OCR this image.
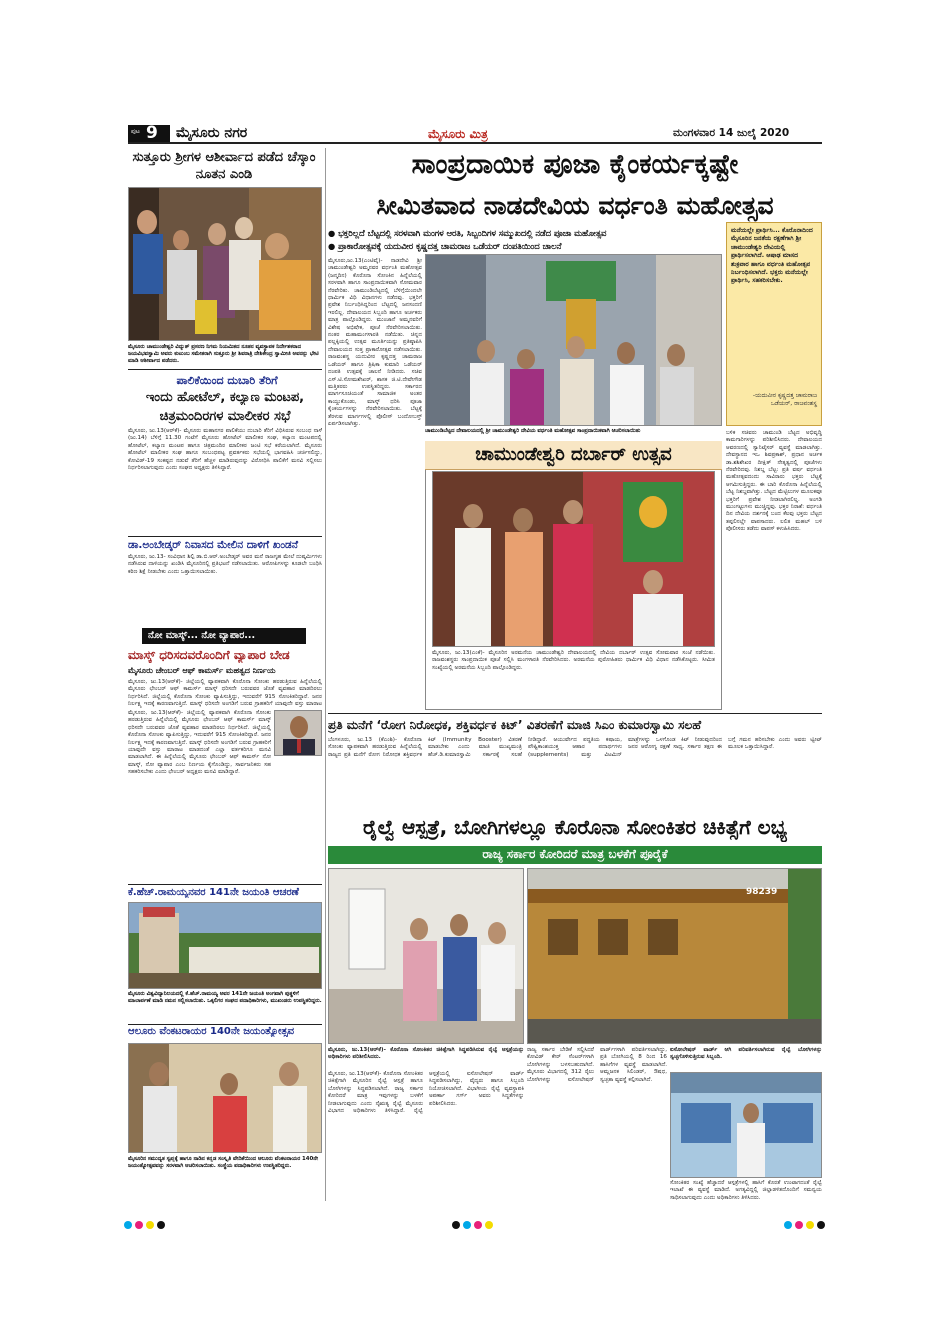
ಪುಟ 9 ಮೈಸೂರು ನಗರ	ಮೈಸೂರು ಮಿತ್ರ	ಮಂಗಳವಾರ 14 ಜುಲೈ 2020
ಸುತ್ತೂರು ಶ್ರೀಗಳ ಆಶೀರ್ವಾದ ಪಡೆದ ಚೆಸ್ಕಾಂ ನೂತನ ಎಂಡಿ
ಮೈಸೂರು ಚಾಮುಂಡೇಶ್ವರಿ ವಿದ್ಯುತ್ ಪ್ರಸರಣ ನಿಗಮ ನಿಯಮಿತದ ನೂತನ ವ್ಯವಸ್ಥಾಪಕ ನಿರ್ದೇಶಕರಾದ ಜಯವಿಭವಸ್ವಾಮಿ ಅವರು ಕುಟುಂಬ ಸಮೇತರಾಗಿ ಸುತ್ತೂರು ಶ್ರೀ ಶಿವರಾತ್ರಿ ದೇಶಿಕೇಂದ್ರ ಸ್ವಾಮೀಜಿ ಅವರನ್ನು ಭೇಟಿ ಮಾಡಿ ಆಶೀರ್ವಾದ ಪಡೆದರು.
ಪಾಲಿಕೆಯಿಂದ ದುಬಾರಿ ತೆರಿಗೆ
ಇಂದು ಹೋಟೆಲ್, ಕಲ್ಯಾಣ ಮಂಟಪ,
ಚಿತ್ರಮಂದಿರಗಳ ಮಾಲೀಕರ ಸಭೆ
ಮೈಸೂರು, ಜು.13(ಆರ್‌ಕೆ)- ಮೈಸೂರು ಮಹಾನಗರ ಪಾಲಿಕೆಯು ದುಬಾರಿ ತೆರಿಗೆ ವಿಧಿಸಿರುವ ಸಂಬಂಧ ನಾಳೆ (ಜು.14) ಬೆಳಿಗ್ಗೆ 11.30 ಗಂಟೆಗೆ ಮೈಸೂರು ಹೋಟೆಲ್ ಮಾಲೀಕರ ಸಂಘ, ಕಲ್ಯಾಣ ಮಂಟಪದಲ್ಲಿ ಹೋಟೆಲ್, ಕಲ್ಯಾಣ ಮಂಟಪ ಹಾಗೂ ಚಿತ್ರಮಂದಿರ ಮಾಲೀಕರ ಜಂಟಿ ಸಭೆ ಕರೆಯಲಾಗಿದೆ. ಮೈಸೂರು ಹೋಟೆಲ್ ಮಾಲೀಕರ ಸಂಘ ಹಾಗೂ ಸಂಬಂಧಪಟ್ಟ ಪ್ರವರ್ತಕರು ಸಭೆಯಲ್ಲಿ ಭಾಗವಹಿಸಿ ಚರ್ಚಿಸಲಿದ್ದು, ಕೋವಿಡ್-19 ಸಂಕಷ್ಟದ ನಡುವೆ ತೆರಿಗೆ ಹೆಚ್ಚಳ ಮಾಡಿರುವುದನ್ನು ವಿರೋಧಿಸಿ ಪಾಲಿಕೆಗೆ ಮನವಿ ಸಲ್ಲಿಸಲು ನಿರ್ಧರಿಸಲಾಗುವುದು ಎಂದು ಸಂಘದ ಅಧ್ಯಕ್ಷರು ತಿಳಿಸಿದ್ದಾರೆ.
ಡಾ.ಅಂಬೇಡ್ಕರ್ ನಿವಾಸದ ಮೇಲಿನ ದಾಳಿಗೆ ಖಂಡನೆ
ಮೈಸೂರು, ಜು.13- ಸಂವಿಧಾನ ಶಿಲ್ಪಿ ಡಾ.ಬಿ.ಆರ್.ಅಂಬೇಡ್ಕರ್ ಅವರ ಮನೆ ರಾಜಗೃಹ ಮೇಲೆ ದುಷ್ಕರ್ಮಿಗಳು ನಡೆಸಿರುವ ದಾಳಿಯನ್ನು ಖಂಡಿಸಿ ಮೈಸೂರಿನಲ್ಲಿ ಪ್ರತಿಭಟನೆ ನಡೆಸಲಾಯಿತು. ಆರೋಪಿಗಳನ್ನು ಕೂಡಲೇ ಬಂಧಿಸಿ ಕಠಿಣ ಶಿಕ್ಷೆ ನೀಡಬೇಕು ಎಂದು ಒತ್ತಾಯಿಸಲಾಯಿತು.
ನೋ ಮಾಸ್ಕ್... ನೋ ವ್ಯಾಪಾರ...
ಮಾಸ್ಕ್ ಧರಿಸದವರೊಂದಿಗೆ ವ್ಯಾಪಾರ ಬೇಡ
ಮೈಸೂರು ಚೇಂಬರ್ ಆಫ್ ಕಾಮರ್ಸ್ ಮಹತ್ವದ ನಿರ್ಣಯ
ಮೈಸೂರು, ಜು.13(ಆರ್‌ಕೆ)- ಜಿಲ್ಲೆಯಲ್ಲಿ ವ್ಯಾಪಕವಾಗಿ ಕೊರೊನಾ ಸೋಂಕು ಹರಡುತ್ತಿರುವ ಹಿನ್ನೆಲೆಯಲ್ಲಿ ಮೈಸೂರು ಛೇಂಬರ್ ಆಫ್ ಕಾಮರ್ಸ್ ಮಾಸ್ಕ್ ಧರಿಸದೇ ಬರುವವರ ಜೊತೆ ವ್ಯವಹಾರ ಮಾಡದಿರಲು ನಿರ್ಧರಿಸಿದೆ. ಜಿಲ್ಲೆಯಲ್ಲಿ ಕೊರೊನಾ ಸೋಂಕು ವ್ಯಾಪಿಸುತ್ತಿದ್ದು, ಇದುವರೆಗೆ 915 ಸೋಂಕಿತರಿದ್ದಾರೆ. ಜನರ ನಿರ್ಲಕ್ಷ್ಯ ಇದಕ್ಕೆ ಕಾರಣವಾಗುತ್ತಿದೆ. ಮಾಸ್ಕ್ ಧರಿಸದೇ ಅಂಗಡಿಗೆ ಬರುವ ಗ್ರಾಹಕರಿಗೆ ಯಾವುದೇ ವಸ್ತು ಮಾರಾಟ
ಮೈಸೂರು, ಜು.13(ಆರ್‌ಕೆ)- ಜಿಲ್ಲೆಯಲ್ಲಿ ವ್ಯಾಪಕವಾಗಿ ಕೊರೊನಾ ಸೋಂಕು ಹರಡುತ್ತಿರುವ ಹಿನ್ನೆಲೆಯಲ್ಲಿ ಮೈಸೂರು ಛೇಂಬರ್ ಆಫ್ ಕಾಮರ್ಸ್ ಮಾಸ್ಕ್ ಧರಿಸದೇ ಬರುವವರ ಜೊತೆ ವ್ಯವಹಾರ ಮಾಡದಿರಲು ನಿರ್ಧರಿಸಿದೆ. ಜಿಲ್ಲೆಯಲ್ಲಿ ಕೊರೊನಾ ಸೋಂಕು ವ್ಯಾಪಿಸುತ್ತಿದ್ದು, ಇದುವರೆಗೆ 915 ಸೋಂಕಿತರಿದ್ದಾರೆ. ಜನರ ನಿರ್ಲಕ್ಷ್ಯ ಇದಕ್ಕೆ ಕಾರಣವಾಗುತ್ತಿದೆ. ಮಾಸ್ಕ್ ಧರಿಸದೇ ಅಂಗಡಿಗೆ ಬರುವ ಗ್ರಾಹಕರಿಗೆ ಯಾವುದೇ ವಸ್ತು ಮಾರಾಟ ಮಾಡದಂತೆ ಎಲ್ಲಾ ವರ್ತಕರಿಗೂ ಮನವಿ ಮಾಡಲಾಗಿದೆ. ಈ ಹಿನ್ನೆಲೆಯಲ್ಲಿ ಮೈಸೂರು ಛೇಂಬರ್ ಆಫ್ ಕಾಮರ್ಸ್ ನೋ ಮಾಸ್ಕ್, ನೋ ವ್ಯಾಪಾರ ಎಂಬ ನಿರ್ಣಯ ಕೈಗೊಂಡಿದ್ದು, ಸಾರ್ವಜನಿಕರು ಸಹ ಸಹಕರಿಸಬೇಕು ಎಂದು ಛೇಂಬರ್ ಅಧ್ಯಕ್ಷರು ಮನವಿ ಮಾಡಿದ್ದಾರೆ.
ಕೆ.ಹೆಚ್.ರಾಮಯ್ಯನವರ 141ನೇ ಜಯಂತಿ ಆಚರಣೆ
ಮೈಸೂರು ವಿಶ್ವವಿದ್ಯಾನಿಲಯದಲ್ಲಿ ಕೆ.ಹೆಚ್.ರಾಮಯ್ಯ ಅವರ 141ನೇ ಜಯಂತಿ ಅಂಗವಾಗಿ ಪುತ್ಥಳಿಗೆ ಮಾಲಾರ್ಪಣೆ ಮಾಡಿ ನಮನ ಸಲ್ಲಿಸಲಾಯಿತು. ಒಕ್ಕಲಿಗರ ಸಂಘದ ಪದಾಧಿಕಾರಿಗಳು, ಮುಖಂಡರು ಉಪಸ್ಥಿತರಿದ್ದರು.
ಆಲೂರು ವೆಂಕಟರಾಯರ 140ನೇ ಜಯಂತ್ಯೋತ್ಸವ
ಮೈಸೂರಿನ ಸಮುದ್ಯತ ಸ್ವಪ್ನಕ್ಕೆ ಹಾಗೂ ನಾಡಿನ ಕನ್ನಡ ಸಂಸ್ಕೃತಿ ವೇದಿಕೆಯಿಂದ ಆಲೂರು ವೆಂಕಟರಾಯರ 140ನೇ ಜಯಂತ್ಯೋತ್ಸವವನ್ನು ಸರಳವಾಗಿ ಆಚರಿಸಲಾಯಿತು. ಸಂಸ್ಥೆಯ ಪದಾಧಿಕಾರಿಗಳು ಉಪಸ್ಥಿತರಿದ್ದರು.
ಸಾಂಪ್ರದಾಯಿಕ ಪೂಜಾ ಕೈಂಕರ್ಯಕ್ಕಷ್ಟೇ
ಸೀಮಿತವಾದ ನಾಡದೇವಿಯ ವರ್ಧಂತಿ ಮಹೋತ್ಸವ
● ಭಕ್ತರಿಲ್ಲದೆ ಬೆಟ್ಟದಲ್ಲಿ ಸರಳವಾಗಿ ಮಂಗಳ ಆರತಿ, ಸಿಬ್ಬಂದಿಗಳ ಸಮ್ಮುಖದಲ್ಲಿ ನಡೆದ ಪೂಜಾ ಮಹೋತ್ಸವ
● ಪ್ರಾಕಾರೋತ್ಸವಕ್ಕೆ ಯದುವೀರ ಕೃಷ್ಣದತ್ತ ಚಾಮರಾಜ ಒಡೆಯರ್ ದಂಪತಿಯಿಂದ ಚಾಲನೆ
ಮೈಸೂರು,ಜು.13(ಎಂಟಿವೈ)- ನಾಡದೇವಿ ಶ್ರೀ ಚಾಮುಂಡೇಶ್ವರಿ ಅಮ್ಮನವರ ವರ್ಧಂತಿ ಮಹೋತ್ಸವ (ಜನ್ಮದಿನ) ಕೊರೊನಾ ಸೋಂಕಿನ ಹಿನ್ನೆಲೆಯಲ್ಲಿ ಸರಳವಾಗಿ ಹಾಗೂ ಸಾಂಪ್ರದಾಯಿಕವಾಗಿ ಸೋಮವಾರ ನೆರವೇರಿತು. ಚಾಮುಂಡಿಬೆಟ್ಟದಲ್ಲಿ ಬೆಳಿಗ್ಗೆಯಿಂದಲೇ ಧಾರ್ಮಿಕ ವಿಧಿ ವಿಧಾನಗಳು ನಡೆದವು. ಭಕ್ತರಿಗೆ ಪ್ರವೇಶ ನಿರ್ಬಂಧಿಸಿದ್ದರಿಂದ ಬೆಟ್ಟದಲ್ಲಿ ಜನಸಂದಣಿ ಇರಲಿಲ್ಲ. ದೇವಾಲಯದ ಸಿಬ್ಬಂದಿ ಹಾಗೂ ಅರ್ಚಕರು ಮಾತ್ರ ಪಾಲ್ಗೊಂಡಿದ್ದರು. ಮುಂಜಾನೆ ಅಮ್ಮನವರಿಗೆ ವಿಶೇಷ ಅಭಿಷೇಕ, ಪೂಜೆ ನೆರವೇರಿಸಲಾಯಿತು. ನಂತರ ಮಹಾಮಂಗಳಾರತಿ ನಡೆಯಿತು. ಚಿನ್ನದ ಪಲ್ಲಕ್ಕಿಯಲ್ಲಿ ಉತ್ಸವ ಮೂರ್ತಿಯನ್ನು ಪ್ರತಿಷ್ಠಾಪಿಸಿ ದೇವಾಲಯದ ಸುತ್ತ ಪ್ರಾಕಾರೋತ್ಸವ ನಡೆಸಲಾಯಿತು. ರಾಜವಂಶಸ್ಥ ಯದುವೀರ ಕೃಷ್ಣದತ್ತ ಚಾಮರಾಜ ಒಡೆಯರ್ ಹಾಗೂ ತ್ರಿಷಿಕಾ ಕುಮಾರಿ ಒಡೆಯರ್ ದಂಪತಿ ಉತ್ಸವಕ್ಕೆ ಚಾಲನೆ ನೀಡಿದರು. ಸಚಿವ ಎಸ್.ಟಿ.ಸೋಮಶೇಖರ್, ಶಾಸಕ ಜಿ.ಟಿ.ದೇವೇಗೌಡ ಮತ್ತಿತರರು ಉಪಸ್ಥಿತರಿದ್ದರು. ಸರ್ಕಾರದ ಮಾರ್ಗಸೂಚಿಯಂತೆ ಸಾಮಾಜಿಕ ಅಂತರ ಕಾಯ್ದುಕೊಂಡು, ಮಾಸ್ಕ್ ಧರಿಸಿ ಪೂಜಾ ಕೈಂಕರ್ಯಗಳನ್ನು ನೆರವೇರಿಸಲಾಯಿತು. ಬೆಟ್ಟಕ್ಕೆ ತೆರಳುವ ಮಾರ್ಗಗಳಲ್ಲಿ ಪೊಲೀಸ್ ಬಂದೋಬಸ್ತ್ ಏರ್ಪಡಿಸಲಾಗಿತ್ತು.
ಚಾಮುಂಡಿಬೆಟ್ಟದ ದೇವಾಲಯದಲ್ಲಿ ಶ್ರೀ ಚಾಮುಂಡೇಶ್ವರಿ ದೇವಿಯ ವರ್ಧಂತಿ ಮಹೋತ್ಸವ ಸಾಂಪ್ರದಾಯಿಕವಾಗಿ ಆಚರಿಸಲಾಯಿತು
ಮನೆಯಲ್ಲೇ ಪ್ರಾರ್ಥಿಸಿ... ಕೊರೊನಾದಿಂದ ಮೈಸೂರಿನ ಜನತೆಯ ರಕ್ಷಣೆಗಾಗಿ ಶ್ರೀ ಚಾಮುಂಡೇಶ್ವರಿ ದೇವಿಯಲ್ಲಿ ಪ್ರಾರ್ಥಿಸಲಾಗಿದೆ. ಆಷಾಢ ಮಾಸದ ಶುಕ್ರವಾರ ಹಾಗೂ ವರ್ಧಂತಿ ಮಹೋತ್ಸವ ನಿರ್ಬಂಧಿಸಲಾಗಿದೆ. ಭಕ್ತರು ಮನೆಯಲ್ಲೇ ಪ್ರಾರ್ಥಿಸಿ, ಸಹಕರಿಸಬೇಕು.
-ಯದುವೀರ ಕೃಷ್ಣದತ್ತ ಚಾಮರಾಜ ಒಡೆಯರ್, ರಾಜವಂಶಸ್ಥ
ಬಳಿಕ ಸಚಿವರು ಚಾಮುಂಡಿ ಬೆಟ್ಟದ ಅಭಿವೃದ್ಧಿ ಕಾಮಗಾರಿಗಳನ್ನು ಪರಿಶೀಲಿಸಿದರು. ದೇವಾಲಯದ ಆವರಣದಲ್ಲಿ ಸ್ಯಾನಿಟೈಸರ್ ವ್ಯವಸ್ಥೆ ಮಾಡಲಾಗಿತ್ತು. ದೇವಸ್ಥಾನದ ಇಒ ಶಿವಪ್ರಕಾಶ್, ಪ್ರಧಾನ ಅರ್ಚಕ ಡಾ.ಶಶಿಶೇಖರ ದೀಕ್ಷಿತ್ ನೇತೃತ್ವದಲ್ಲಿ ಪೂಜೆಗಳು ನೆರವೇರಿದವು. ನಿಶಬ್ದ ಬೆಟ್ಟ: ಪ್ರತಿ ವರ್ಷ ವರ್ಧಂತಿ ಮಹೋತ್ಸವದಂದು ಸಾವಿರಾರು ಭಕ್ತರು ಬೆಟ್ಟಕ್ಕೆ ಆಗಮಿಸುತ್ತಿದ್ದರು. ಈ ಬಾರಿ ಕೊರೊನಾ ಹಿನ್ನೆಲೆಯಲ್ಲಿ ಬೆಟ್ಟ ನಿಶಬ್ದವಾಗಿತ್ತು. ಬೆಟ್ಟದ ಮೆಟ್ಟಿಲುಗಳ ಮೂಲಕವೂ ಭಕ್ತರಿಗೆ ಪ್ರವೇಶ ನೀಡಲಾಗಿರಲಿಲ್ಲ. ಅಂಗಡಿ ಮುಂಗಟ್ಟುಗಳು ಮುಚ್ಚಿದ್ದವು. ಭಕ್ತರ ನಿರಾಶೆ: ವರ್ಧಂತಿ ದಿನ ದೇವಿಯ ದರ್ಶನಕ್ಕೆ ಬಂದ ಕೆಲವು ಭಕ್ತರು ಬೆಟ್ಟದ ತಪ್ಪಲಿನಲ್ಲೇ ವಾಪಸಾದರು. ಲಲಿತ ಮಹಲ್ ಬಳಿ ಪೊಲೀಸರು ತಡೆದು ವಾಪಸ್ ಕಳುಹಿಸಿದರು.
ಚಾಮುಂಡೇಶ್ವರಿ ದರ್ಬಾರ್ ಉತ್ಸವ
ಮೈಸೂರು, ಜು.13(ಎಂಕೆ)- ಮೈಸೂರಿನ ಅರಮನೆಯ ಚಾಮುಂಡೇಶ್ವರಿ ದೇವಾಲಯದಲ್ಲಿ ದೇವಿಯ ದರ್ಬಾರ್ ಉತ್ಸವ ಸೋಮವಾರ ಸಂಜೆ ನಡೆಯಿತು. ರಾಜವಂಶಸ್ಥರು ಸಾಂಪ್ರದಾಯಿಕ ಪೂಜೆ ಸಲ್ಲಿಸಿ ಮಂಗಳಾರತಿ ನೆರವೇರಿಸಿದರು. ಅರಮನೆಯ ಪುರೋಹಿತರು ಧಾರ್ಮಿಕ ವಿಧಿ ವಿಧಾನ ನಡೆಸಿಕೊಟ್ಟರು. ಸೀಮಿತ ಸಂಖ್ಯೆಯಲ್ಲಿ ಅರಮನೆಯ ಸಿಬ್ಬಂದಿ ಪಾಲ್ಗೊಂಡಿದ್ದರು.
ಪ್ರತಿ ಮನೆಗೆ ‘ರೋಗ ನಿರೋಧಕ, ಶಕ್ತಿವರ್ಧಕ ಕಿಟ್’ ವಿತರಣೆಗೆ ಮಾಜಿ ಸಿಎಂ ಕುಮಾರಸ್ವಾಮಿ ಸಲಹೆ
ಬೆಂಗಳೂರು, ಜು.13 (ಕೆಎಂಶಿ)- ಕೊರೊನಾ ಸೋಂಕು ವ್ಯಾಪಕವಾಗಿ ಹರಡುತ್ತಿರುವ ಹಿನ್ನೆಲೆಯಲ್ಲಿ ರಾಜ್ಯದ ಪ್ರತಿ ಮನೆಗೆ ರೋಗ ನಿರೋಧಕ ಶಕ್ತಿವರ್ಧಕ ಕಿಟ್ (Immunity Booster) ವಿತರಣೆ ಮಾಡಬೇಕು ಎಂದು ಮಾಜಿ ಮುಖ್ಯಮಂತ್ರಿ ಹೆಚ್.ಡಿ.ಕುಮಾರಸ್ವಾಮಿ ಸರ್ಕಾರಕ್ಕೆ ಸಲಹೆ ನೀಡಿದ್ದಾರೆ. ಆಯುರ್ವೇದ ಪದ್ಧತಿಯ ಕಷಾಯ, ಪೌಷ್ಟಿಕಾಂಶಯುಕ್ತ ಆಹಾರ ಪದಾರ್ಥಗಳು (supplements) ಮತ್ತು ವಿಟಮಿನ್ ಮಾತ್ರೆಗಳನ್ನು ಒಳಗೊಂಡ ಕಿಟ್ ನೀಡುವುದರಿಂದ ಜನರ ಆರೋಗ್ಯ ರಕ್ಷಣೆ ಸಾಧ್ಯ. ಸರ್ಕಾರ ತಕ್ಷಣ ಈ ಬಗ್ಗೆ ಗಮನ ಹರಿಸಬೇಕು ಎಂದು ಅವರು ಟ್ವೀಟ್ ಮೂಲಕ ಒತ್ತಾಯಿಸಿದ್ದಾರೆ.
ರೈಲ್ವೆ ಆಸ್ಪತ್ರೆ, ಬೋಗಿಗಳಲ್ಲೂ ಕೊರೊನಾ ಸೋಂಕಿತರ ಚಿಕಿತ್ಸೆಗೆ ಲಭ್ಯ
ರಾಜ್ಯ ಸರ್ಕಾರ ಕೋರಿದರೆ ಮಾತ್ರ ಬಳಕೆಗೆ ಪೂರೈಕೆ
98239
ಮೈಸೂರು, ಜು.13(ಆರ್‌ಕೆ)- ಕೊರೊನಾ ಸೋಂಕಿತರ ಚಿಕಿತ್ಸೆಗಾಗಿ ಸಿದ್ಧಪಡಿಸಿರುವ ರೈಲ್ವೆ ಆಸ್ಪತ್ರೆಯನ್ನು ಅಧಿಕಾರಿಗಳು ಪರಿಶೀಲಿಸಿದರು.
ಮೈಸೂರು, ಜು.13(ಆರ್‌ಕೆ)- ಕೊರೊನಾ ಸೋಂಕಿತರ ಚಿಕಿತ್ಸೆಗಾಗಿ ಮೈಸೂರಿನ ರೈಲ್ವೆ ಆಸ್ಪತ್ರೆ ಹಾಗೂ ಬೋಗಿಗಳನ್ನು ಸಿದ್ಧಪಡಿಸಲಾಗಿದೆ. ರಾಜ್ಯ ಸರ್ಕಾರ ಕೋರಿದರೆ ಮಾತ್ರ ಇವುಗಳನ್ನು ಬಳಕೆಗೆ ನೀಡಲಾಗುವುದು ಎಂದು ನೈಋತ್ಯ ರೈಲ್ವೆ ಮೈಸೂರು ವಿಭಾಗದ ಅಧಿಕಾರಿಗಳು ತಿಳಿಸಿದ್ದಾರೆ. ರೈಲ್ವೆ ಆಸ್ಪತ್ರೆಯಲ್ಲಿ ಐಸೋಲೇಷನ್ ವಾರ್ಡ್ ಸಿದ್ಧಪಡಿಸಲಾಗಿದ್ದು, ವೈದ್ಯರು ಹಾಗೂ ಸಿಬ್ಬಂದಿ ನಿಯೋಜಿಸಲಾಗಿದೆ. ವಿಭಾಗೀಯ ರೈಲ್ವೆ ವ್ಯವಸ್ಥಾಪಕಿ ಅಪರ್ಣಾ ಗರ್ಗ್ ಅವರು ಸಿದ್ಧತೆಗಳನ್ನು ಪರಿಶೀಲಿಸಿದರು.
ರಾಜ್ಯ ಸರ್ಕಾರ ಬೇಡಿಕೆ ಸಲ್ಲಿಸಿದರೆ ಕೋವಿಡ್ ಕೇರ್ ಸೆಂಟರ್‌ಗಳಾಗಿ ಬೋಗಿಗಳನ್ನು ಬಳಸಬಹುದಾಗಿದೆ. ಮೈಸೂರು ವಿಭಾಗದಲ್ಲಿ 312 ರೈಲು ಬೋಗಿಗಳನ್ನು ಐಸೋಲೇಷನ್ ವಾರ್ಡ್‌ಗಳಾಗಿ ಪರಿವರ್ತಿಸಲಾಗಿದ್ದು, ಪ್ರತಿ ಬೋಗಿಯಲ್ಲಿ 8 ರಿಂದ 16 ಹಾಸಿಗೆಗಳ ವ್ಯವಸ್ಥೆ ಮಾಡಲಾಗಿದೆ. ಆಮ್ಲಜನಕ ಸಿಲಿಂಡರ್, ಔಷಧ, ಸ್ವಚ್ಛತಾ ವ್ಯವಸ್ಥೆ ಕಲ್ಪಿಸಲಾಗಿದೆ.
ಐಸೋಲೇಷನ್ ವಾರ್ಡ್ ಆಗಿ ಪರಿವರ್ತಿಸಲಾಗಿರುವ ರೈಲ್ವೆ ಬೋಗಿಗಳನ್ನು ಸ್ವಚ್ಛಗೊಳಿಸುತ್ತಿರುವ ಸಿಬ್ಬಂದಿ.
ಸೋಂಕಿತರ ಸಂಖ್ಯೆ ಹೆಚ್ಚಾದರೆ ಆಸ್ಪತ್ರೆಗಳಲ್ಲಿ ಹಾಸಿಗೆ ಕೊರತೆ ಉಂಟಾಗದಂತೆ ರೈಲ್ವೆ ಇಲಾಖೆ ಈ ವ್ಯವಸ್ಥೆ ಮಾಡಿದೆ. ಅಗತ್ಯವಿದ್ದಲ್ಲಿ ಜಿಲ್ಲಾಡಳಿತದೊಂದಿಗೆ ಸಮನ್ವಯ ಸಾಧಿಸಲಾಗುವುದು ಎಂದು ಅಧಿಕಾರಿಗಳು ತಿಳಿಸಿದರು.
